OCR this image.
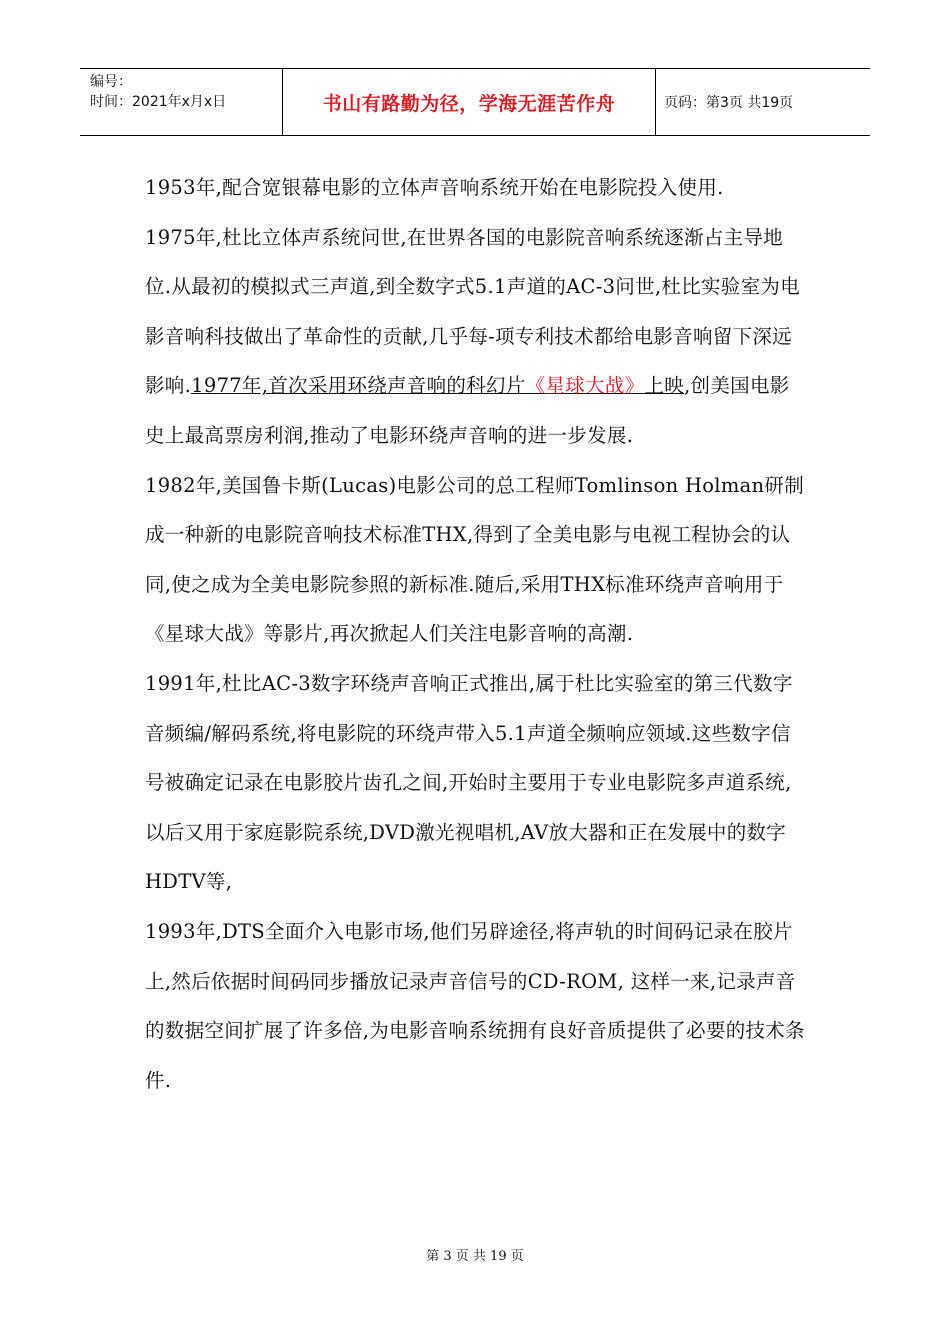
编号：
时间：2021年x月x日	书山有路勤为径，学海无涯苦作舟	页码：第3页 共19页

1953年,配合宽银幕电影的立体声音响系统开始在电影院投入使用.

1975年,杜比立体声系统问世,在世界各国的电影院音响系统逐渐占主导地位.从最初的模拟式三声道,到全数字式5.1声道的AC-3问世,杜比实验室为电影音响科技做出了革命性的贡献,几乎每-项专利技术都给电影音响留下深远影响.1977年,首次采用环绕声音响的科幻片《星球大战》上映,创美国电影史上最高票房利润,推动了电影环绕声音响的进一步发展.

1982年,美国鲁卡斯(Lucas)电影公司的总工程师Tomlinson Holman研制成一种新的电影院音响技术标准THX,得到了全美电影与电视工程协会的认同,使之成为全美电影院参照的新标准.随后,采用THX标准环绕声音响用于《星球大战》等影片,再次掀起人们关注电影音响的高潮.

1991年,杜比AC-3数字环绕声音响正式推出,属于杜比实验室的第三代数字音频编/解码系统,将电影院的环绕声带入5.1声道全频响应领域.这些数字信号被确定记录在电影胶片齿孔之间,开始时主要用于专业电影院多声道系统,以后又用于家庭影院系统,DVD激光视唱机,AV放大器和正在发展中的数字HDTV等,

1993年,DTS全面介入电影市场,他们另辟途径,将声轨的时间码记录在胶片上,然后依据时间码同步播放记录声音信号的CD-ROM, 这样一来,记录声音的数据空间扩展了许多倍,为电影音响系统拥有良好音质提供了必要的技术条件.

第 3 页 共 19 页
